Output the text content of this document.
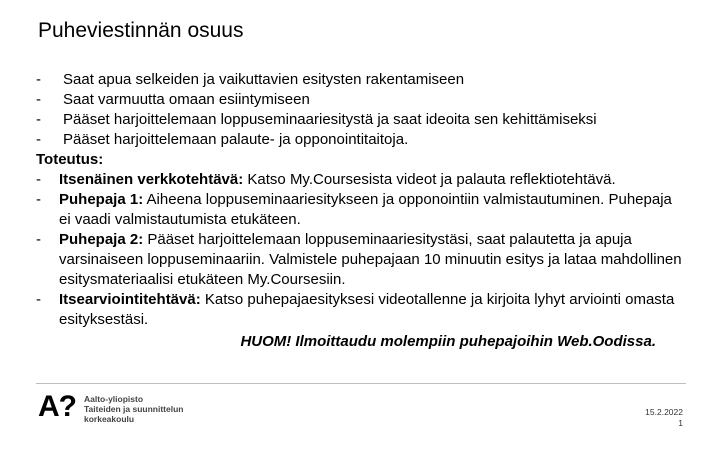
Puheviestinnän osuus
-	Saat apua selkeiden ja vaikuttavien esitysten rakentamiseen
-	Saat varmuutta omaan esiintymiseen
-	Pääset harjoittelemaan loppuseminaariesitystä ja saat ideoita sen kehittämiseksi
-	Pääset harjoittelemaan palaute- ja opponointitaitoja.
Toteutus:
-	Itsenäinen verkkotehtävä: Katso My.Coursesista videot ja palauta reflektiotehtävä.
-	Puhepaja 1: Aiheena loppuseminaariesitykseen ja opponointiin valmistautuminen. Puhepaja ei vaadi valmistautumista etukäteen.
-	Puhepaja 2: Pääset harjoittelemaan loppuseminaariesitystäsi, saat palautetta ja apuja varsinaiseen loppuseminaariin. Valmistele puhepajaan 10 minuutin esitys ja lataa mahdollinen esitysmateriaalisi etukäteen My.Coursesiin.
-	Itsearviointitehtävä: Katso puhepajaesityksesi videotallenne ja kirjoita lyhyt arviointi omasta esityksestäsi.
HUOM! Ilmoittaudu molempiin puhepajoihin Web.Oodissa.
A? Aalto-yliopisto
Taiteiden ja suunnittelun
korkeakoulu
15.2.2022
1
